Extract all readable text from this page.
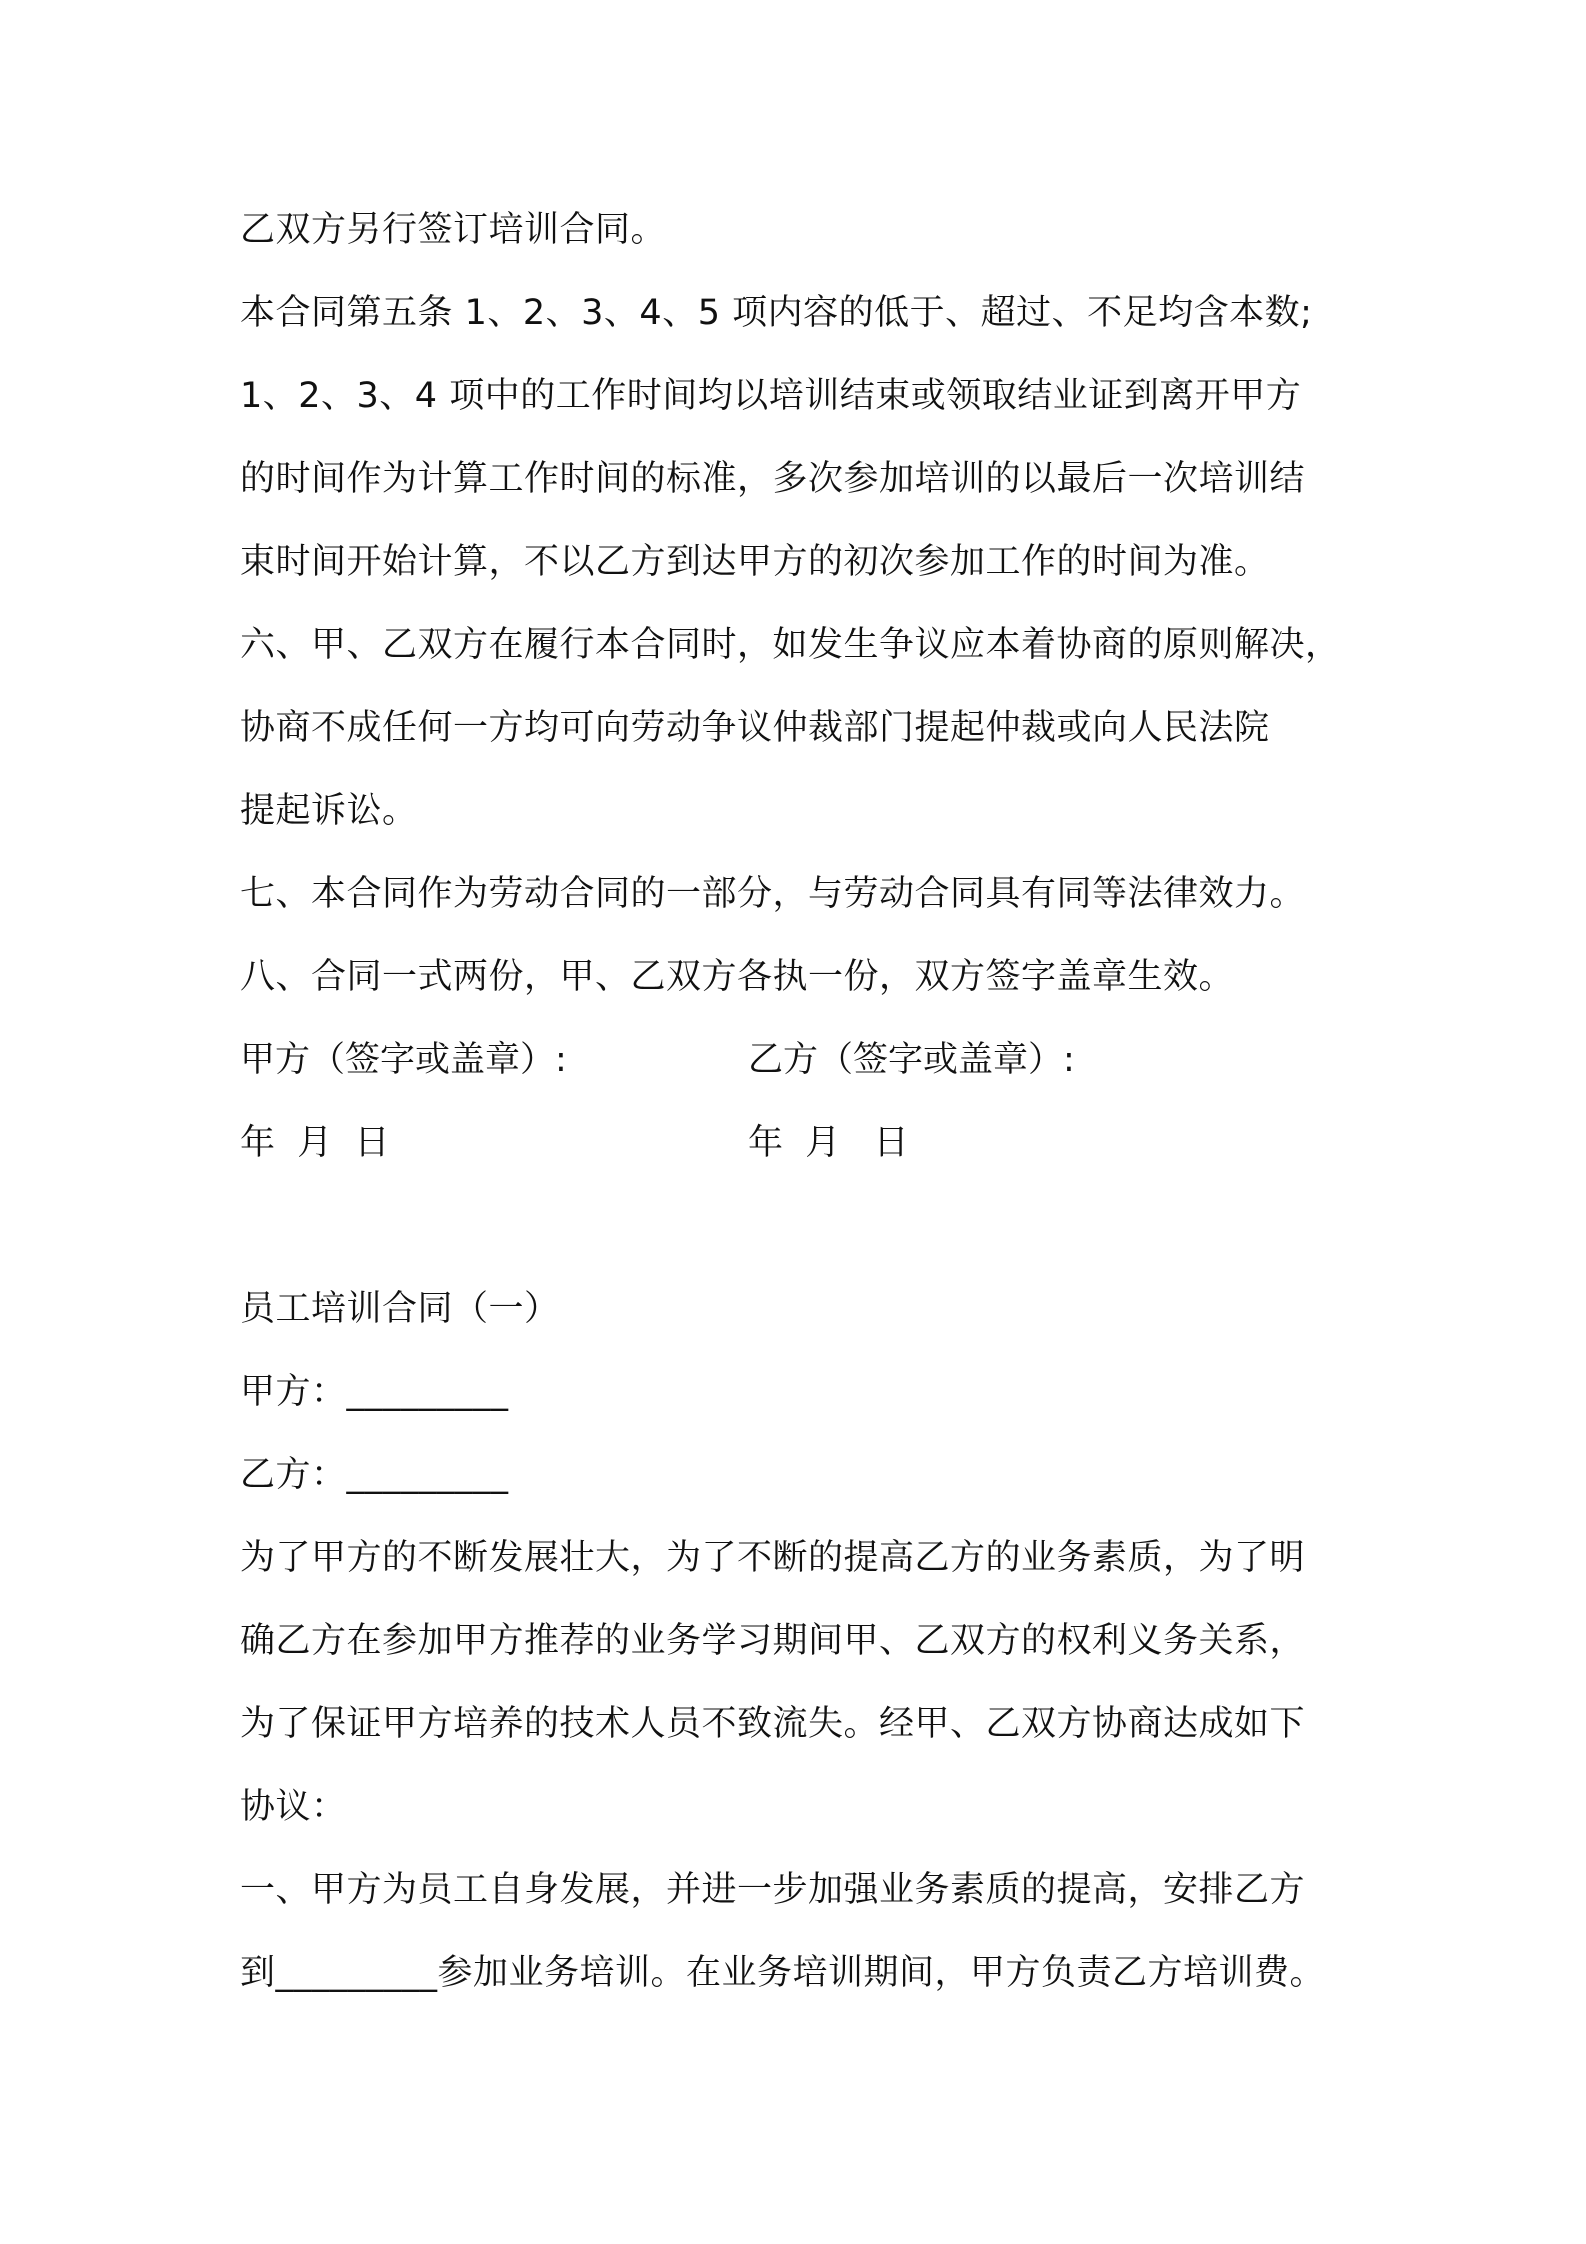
乙双方另行签订培训合同。
本合同第五条 1、2、3、4、5 项内容的低于、超过、不足均含本数;
1、2、3、4 项中的工作时间均以培训结束或领取结业证到离开甲方
的时间作为计算工作时间的标准，多次参加培训的以最后一次培训结
束时间开始计算，不以乙方到达甲方的初次参加工作的时间为准。
六、甲、乙双方在履行本合同时，如发生争议应本着协商的原则解决，
协商不成任何一方均可向劳动争议仲裁部门提起仲裁或向人民法院
提起诉讼。
七、本合同作为劳动合同的一部分，与劳动合同具有同等法律效力。
八、合同一式两份，甲、乙双方各执一份，双方签字盖章生效。
甲方（签字或盖章）:	乙方（签字或盖章）:
年  月  日	年  月   日
员工培训合同（一）
甲方：_________
乙方：_________
为了甲方的不断发展壮大，为了不断的提高乙方的业务素质，为了明
确乙方在参加甲方推荐的业务学习期间甲、乙双方的权利义务关系，
为了保证甲方培养的技术人员不致流失。经甲、乙双方协商达成如下
协议：
一、甲方为员工自身发展，并进一步加强业务素质的提高，安排乙方
到_________参加业务培训。在业务培训期间，甲方负责乙方培训费。
